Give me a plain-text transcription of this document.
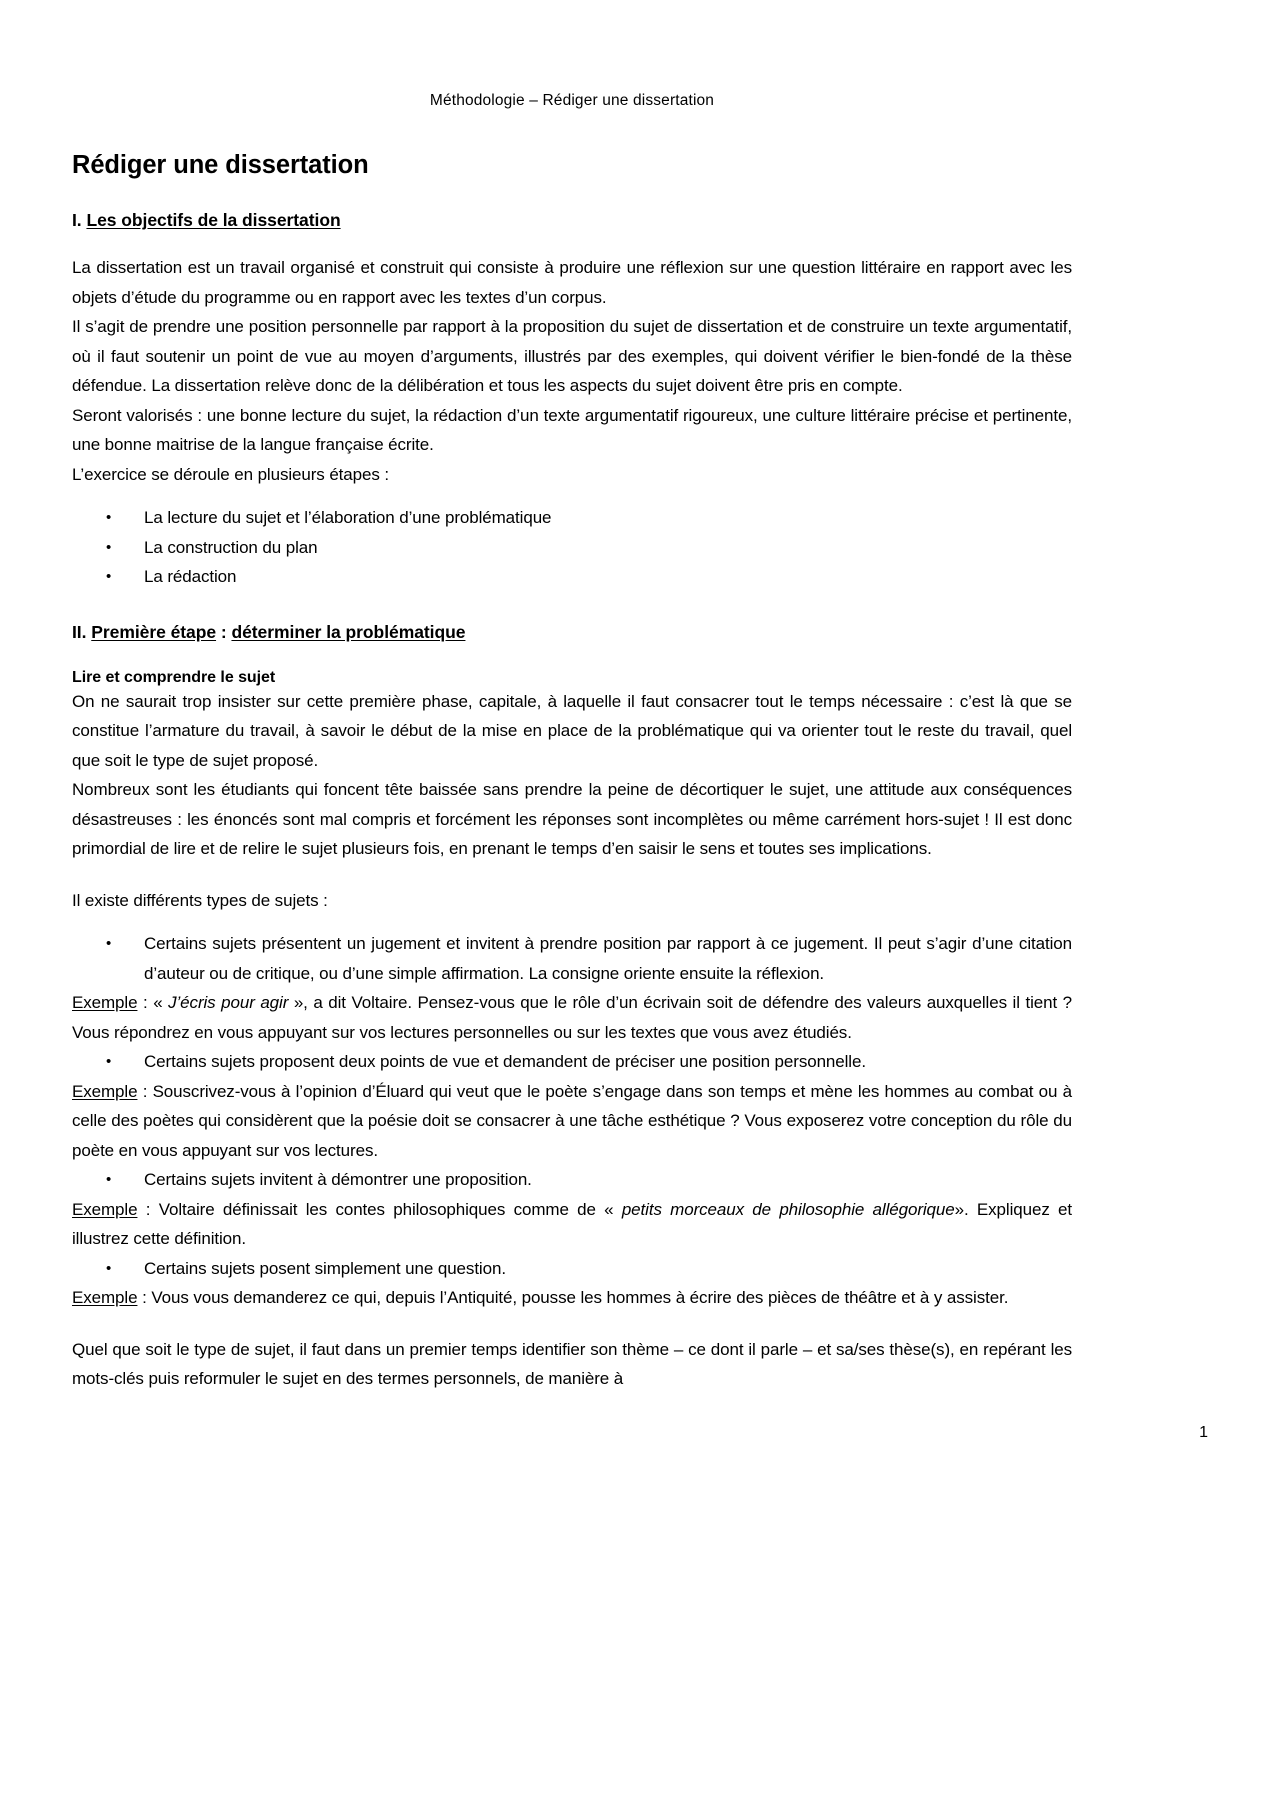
Méthodologie – Rédiger une dissertation
Rédiger une dissertation
I. Les objectifs de la dissertation

La dissertation est un travail organisé et construit qui consiste à produire une réflexion sur une question littéraire en rapport avec les objets d’étude du programme ou en rapport avec les textes d’un corpus.

Il s’agit de prendre une position personnelle par rapport à la proposition du sujet de dissertation et de construire un texte argumentatif, où il faut soutenir un point de vue au moyen d’arguments, illustrés par des exemples, qui doivent vérifier le bien-fondé de la thèse défendue. La dissertation relève donc de la délibération et tous les aspects du sujet doivent être pris en compte.

Seront valorisés : une bonne lecture du sujet, la rédaction d’un texte argumentatif rigoureux, une culture littéraire précise et pertinente, une bonne maitrise de la langue française écrite.

L’exercice se déroule en plusieurs étapes :

• La lecture du sujet et l’élaboration d’une problématique
• La construction du plan
• La rédaction
II. Première étape : déterminer la problématique
Lire et comprendre le sujet

On ne saurait trop insister sur cette première phase, capitale, à laquelle il faut consacrer tout le temps nécessaire : c’est là que se constitue l’armature du travail, à savoir le début de la mise en place de la problématique qui va orienter tout le reste du travail, quel que soit le type de sujet proposé.

Nombreux sont les étudiants qui foncent tête baissée sans prendre la peine de décortiquer le sujet, une attitude aux conséquences désastreuses : les énoncés sont mal compris et forcément les réponses sont incomplètes ou même carrément hors-sujet ! Il est donc primordial de lire et de relire le sujet plusieurs fois, en prenant le temps d’en saisir le sens et toutes ses implications.

Il existe différents types de sujets :

• Certains sujets présentent un jugement et invitent à prendre position par rapport à ce jugement. Il peut s’agir d’une citation d’auteur ou de critique, ou d’une simple affirmation. La consigne oriente ensuite la réflexion.

Exemple : « J’écris pour agir », a dit Voltaire. Pensez-vous que le rôle d’un écrivain soit de défendre des valeurs auxquelles il tient ? Vous répondrez en vous appuyant sur vos lectures personnelles ou sur les textes que vous avez étudiés.

• Certains sujets proposent deux points de vue et demandent de préciser une position personnelle.

Exemple : Souscrivez-vous à l’opinion d’Éluard qui veut que le poète s’engage dans son temps et mène les hommes au combat ou à celle des poètes qui considèrent que la poésie doit se consacrer à une tâche esthétique ? Vous exposerez votre conception du rôle du poète en vous appuyant sur vos lectures.

• Certains sujets invitent à démontrer une proposition.

Exemple : Voltaire définissait les contes philosophiques comme de « petits morceaux de philosophie allégorique». Expliquez et illustrez cette définition.

• Certains sujets posent simplement une question.

Exemple : Vous vous demanderez ce qui, depuis l’Antiquité, pousse les hommes à écrire des pièces de théâtre et à y assister.

Quel que soit le type de sujet, il faut dans un premier temps identifier son thème – ce dont il parle – et sa/ses thèse(s), en repérant les mots-clés puis reformuler le sujet en des termes personnels, de manière à

1
